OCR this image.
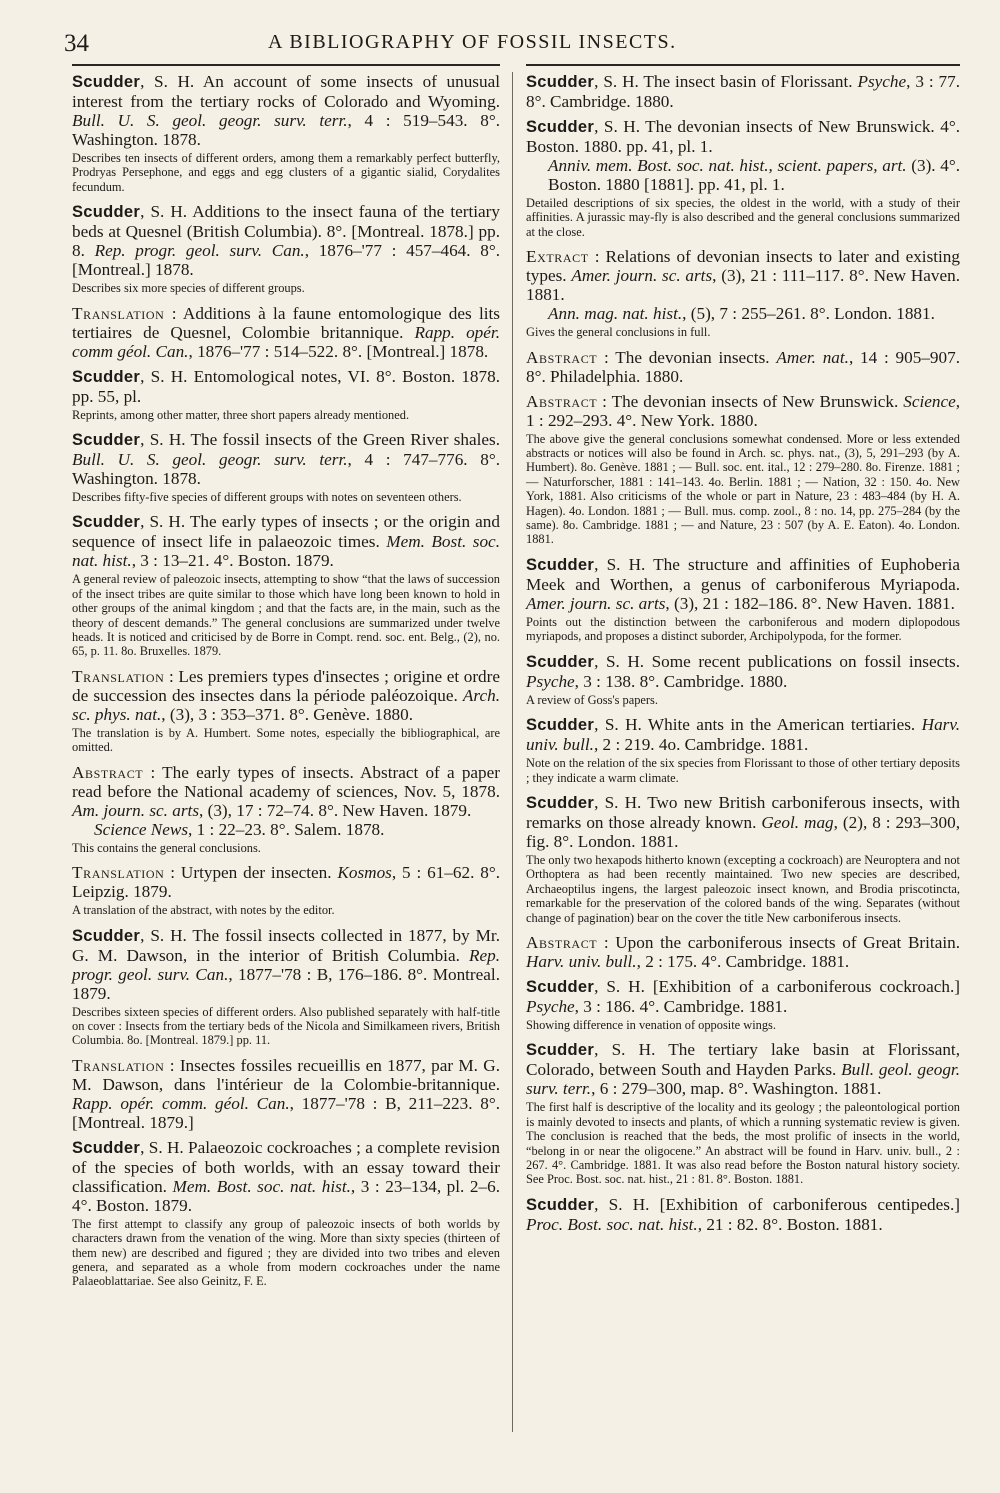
34	A BIBLIOGRAPHY OF FOSSIL INSECTS.

Scudder, S. H. An account of some insects of unusual interest from the tertiary rocks of Colorado and Wyoming. Bull. U. S. geol. geogr. surv. terr., 4 : 519–543. 8°. Washington. 1878.

Describes ten insects of different orders, among them a remarkably perfect butterfly, Prodryas Persephone, and eggs and egg clusters of a gigantic sialid, Corydalites fecundum.

Scudder, S. H. Additions to the insect fauna of the tertiary beds at Quesnel (British Columbia). 8°. [Montreal. 1878.] pp. 8. Rep. progr. geol. surv. Can., 1876–'77 : 457–464. 8°. [Montreal.] 1878.

Describes six more species of different groups.

Translation : Additions à la faune entomologique des lits tertiaires de Quesnel, Colombie britannique. Rapp. opér. comm géol. Can., 1876–'77 : 514–522. 8°. [Montreal.] 1878.

Scudder, S. H. Entomological notes, VI. 8°. Boston. 1878. pp. 55, pl.

Reprints, among other matter, three short papers already mentioned.

Scudder, S. H. The fossil insects of the Green River shales. Bull. U. S. geol. geogr. surv. terr., 4 : 747–776. 8°. Washington. 1878.

Describes fifty-five species of different groups with notes on seventeen others.

Scudder, S. H. The early types of insects ; or the origin and sequence of insect life in palaeozoic times. Mem. Bost. soc. nat. hist., 3 : 13–21. 4°. Boston. 1879.

A general review of paleozoic insects, attempting to show “that the laws of succession of the insect tribes are quite similar to those which have long been known to hold in other groups of the animal kingdom ; and that the facts are, in the main, such as the theory of descent demands.” The general conclusions are summarized under twelve heads. It is noticed and criticised by de Borre in Compt. rend. soc. ent. Belg., (2), no. 65, p. 11. 8o. Bruxelles. 1879.

Translation : Les premiers types d'insectes ; origine et ordre de succession des insectes dans la période paléozoique. Arch. sc. phys. nat., (3), 3 : 353–371. 8°. Genève. 1880.

The translation is by A. Humbert. Some notes, especially the bibliographical, are omitted.

Abstract : The early types of insects. Abstract of a paper read before the National academy of sciences, Nov. 5, 1878. Am. journ. sc. arts, (3), 17 : 72–74. 8°. New Haven. 1879.

Science News, 1 : 22–23. 8°. Salem. 1878.

This contains the general conclusions.

Translation : Urtypen der insecten. Kosmos, 5 : 61–62. 8°. Leipzig. 1879.

A translation of the abstract, with notes by the editor.

Scudder, S. H. The fossil insects collected in 1877, by Mr. G. M. Dawson, in the interior of British Columbia. Rep. progr. geol. surv. Can., 1877–'78 : B, 176–186. 8°. Montreal. 1879.

Describes sixteen species of different orders. Also published separately with half-title on cover : Insects from the tertiary beds of the Nicola and Similkameen rivers, British Columbia. 8o. [Montreal. 1879.] pp. 11.

Translation : Insectes fossiles recueillis en 1877, par M. G. M. Dawson, dans l'intérieur de la Colombie-britannique. Rapp. opér. comm. géol. Can., 1877–'78 : B, 211–223. 8°. [Montreal. 1879.]

Scudder, S. H. Palaeozoic cockroaches ; a complete revision of the species of both worlds, with an essay toward their classification. Mem. Bost. soc. nat. hist., 3 : 23–134, pl. 2–6. 4°. Boston. 1879.

The first attempt to classify any group of paleozoic insects of both worlds by characters drawn from the venation of the wing. More than sixty species (thirteen of them new) are described and figured ; they are divided into two tribes and eleven genera, and separated as a whole from modern cockroaches under the name Palaeoblattariae. See also Geinitz, F. E.

Scudder, S. H. The insect basin of Florissant. Psyche, 3 : 77. 8°. Cambridge. 1880.

Scudder, S. H. The devonian insects of New Brunswick. 4°. Boston. 1880. pp. 41, pl. 1.

Anniv. mem. Bost. soc. nat. hist., scient. papers, art. (3). 4°. Boston. 1880 [1881]. pp. 41, pl. 1.

Detailed descriptions of six species, the oldest in the world, with a study of their affinities. A jurassic may-fly is also described and the general conclusions summarized at the close.

Extract : Relations of devonian insects to later and existing types. Amer. journ. sc. arts, (3), 21 : 111–117. 8°. New Haven. 1881.

Ann. mag. nat. hist., (5), 7 : 255–261. 8°. London. 1881.

Gives the general conclusions in full.

Abstract : The devonian insects. Amer. nat., 14 : 905–907. 8°. Philadelphia. 1880.

Abstract : The devonian insects of New Brunswick. Science, 1 : 292–293. 4°. New York. 1880.

The above give the general conclusions somewhat condensed. More or less extended abstracts or notices will also be found in Arch. sc. phys. nat., (3), 5, 291–293 (by A. Humbert). 8o. Genève. 1881 ; — Bull. soc. ent. ital., 12 : 279–280. 8o. Firenze. 1881 ; — Naturforscher, 1881 : 141–143. 4o. Berlin. 1881 ; — Nation, 32 : 150. 4o. New York, 1881. Also criticisms of the whole or part in Nature, 23 : 483–484 (by H. A. Hagen). 4o. London. 1881 ; — Bull. mus. comp. zool., 8 : no. 14, pp. 275–284 (by the same). 8o. Cambridge. 1881 ; — and Nature, 23 : 507 (by A. E. Eaton). 4o. London. 1881.

Scudder, S. H. The structure and affinities of Euphoberia Meek and Worthen, a genus of carboniferous Myriapoda. Amer. journ. sc. arts, (3), 21 : 182–186. 8°. New Haven. 1881.

Points out the distinction between the carboniferous and modern diplopodous myriapods, and proposes a distinct suborder, Archipolypoda, for the former.

Scudder, S. H. Some recent publications on fossil insects. Psyche, 3 : 138. 8°. Cambridge. 1880.

A review of Goss's papers.

Scudder, S. H. White ants in the American tertiaries. Harv. univ. bull., 2 : 219. 4o. Cambridge. 1881.

Note on the relation of the six species from Florissant to those of other tertiary deposits ; they indicate a warm climate.

Scudder, S. H. Two new British carboniferous insects, with remarks on those already known. Geol. mag, (2), 8 : 293–300, fig. 8°. London. 1881.

The only two hexapods hitherto known (excepting a cockroach) are Neuroptera and not Orthoptera as had been recently maintained. Two new species are described, Archaeoptilus ingens, the largest paleozoic insect known, and Brodia priscotincta, remarkable for the preservation of the colored bands of the wing. Separates (without change of pagination) bear on the cover the title New carboniferous insects.

Abstract : Upon the carboniferous insects of Great Britain. Harv. univ. bull., 2 : 175. 4°. Cambridge. 1881.

Scudder, S. H. [Exhibition of a carboniferous cockroach.] Psyche, 3 : 186. 4°. Cambridge. 1881.

Showing difference in venation of opposite wings.

Scudder, S. H. The tertiary lake basin at Florissant, Colorado, between South and Hayden Parks. Bull. geol. geogr. surv. terr., 6 : 279–300, map. 8°. Washington. 1881.

The first half is descriptive of the locality and its geology ; the paleontological portion is mainly devoted to insects and plants, of which a running systematic review is given. The conclusion is reached that the beds, the most prolific of insects in the world, “belong in or near the oligocene.” An abstract will be found in Harv. univ. bull., 2 : 267. 4°. Cambridge. 1881. It was also read before the Boston natural history society. See Proc. Bost. soc. nat. hist., 21 : 81. 8°. Boston. 1881.

Scudder, S. H. [Exhibition of carboniferous centipedes.] Proc. Bost. soc. nat. hist., 21 : 82. 8°. Boston. 1881.
